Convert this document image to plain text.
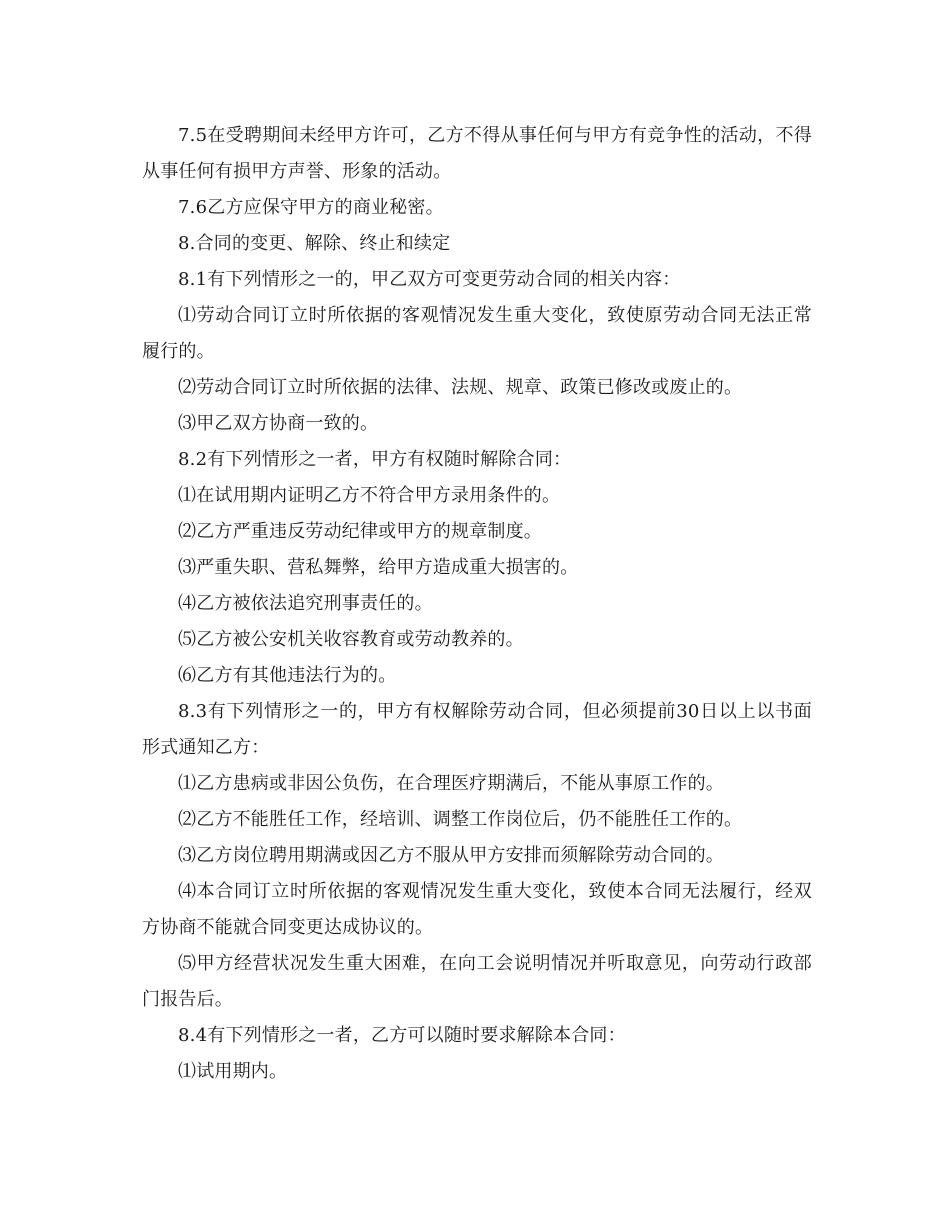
7.5在受聘期间未经甲方许可，乙方不得从事任何与甲方有竞争性的活动，不得从事任何有损甲方声誉、形象的活动。

7.6乙方应保守甲方的商业秘密。

8.合同的变更、解除、终止和续定

8.1有下列情形之一的，甲乙双方可变更劳动合同的相关内容：

⑴劳动合同订立时所依据的客观情况发生重大变化，致使原劳动合同无法正常履行的。

⑵劳动合同订立时所依据的法律、法规、规章、政策已修改或废止的。

⑶甲乙双方协商一致的。

8.2有下列情形之一者，甲方有权随时解除合同：

⑴在试用期内证明乙方不符合甲方录用条件的。

⑵乙方严重违反劳动纪律或甲方的规章制度。

⑶严重失职、营私舞弊，给甲方造成重大损害的。

⑷乙方被依法追究刑事责任的。

⑸乙方被公安机关收容教育或劳动教养的。

⑹乙方有其他违法行为的。

8.3有下列情形之一的，甲方有权解除劳动合同，但必须提前30日以上以书面形式通知乙方：

⑴乙方患病或非因公负伤，在合理医疗期满后，不能从事原工作的。

⑵乙方不能胜任工作，经培训、调整工作岗位后，仍不能胜任工作的。

⑶乙方岗位聘用期满或因乙方不服从甲方安排而须解除劳动合同的。

⑷本合同订立时所依据的客观情况发生重大变化，致使本合同无法履行，经双方协商不能就合同变更达成协议的。

⑸甲方经营状况发生重大困难，在向工会说明情况并听取意见，向劳动行政部门报告后。

8.4有下列情形之一者，乙方可以随时要求解除本合同：

⑴试用期内。
